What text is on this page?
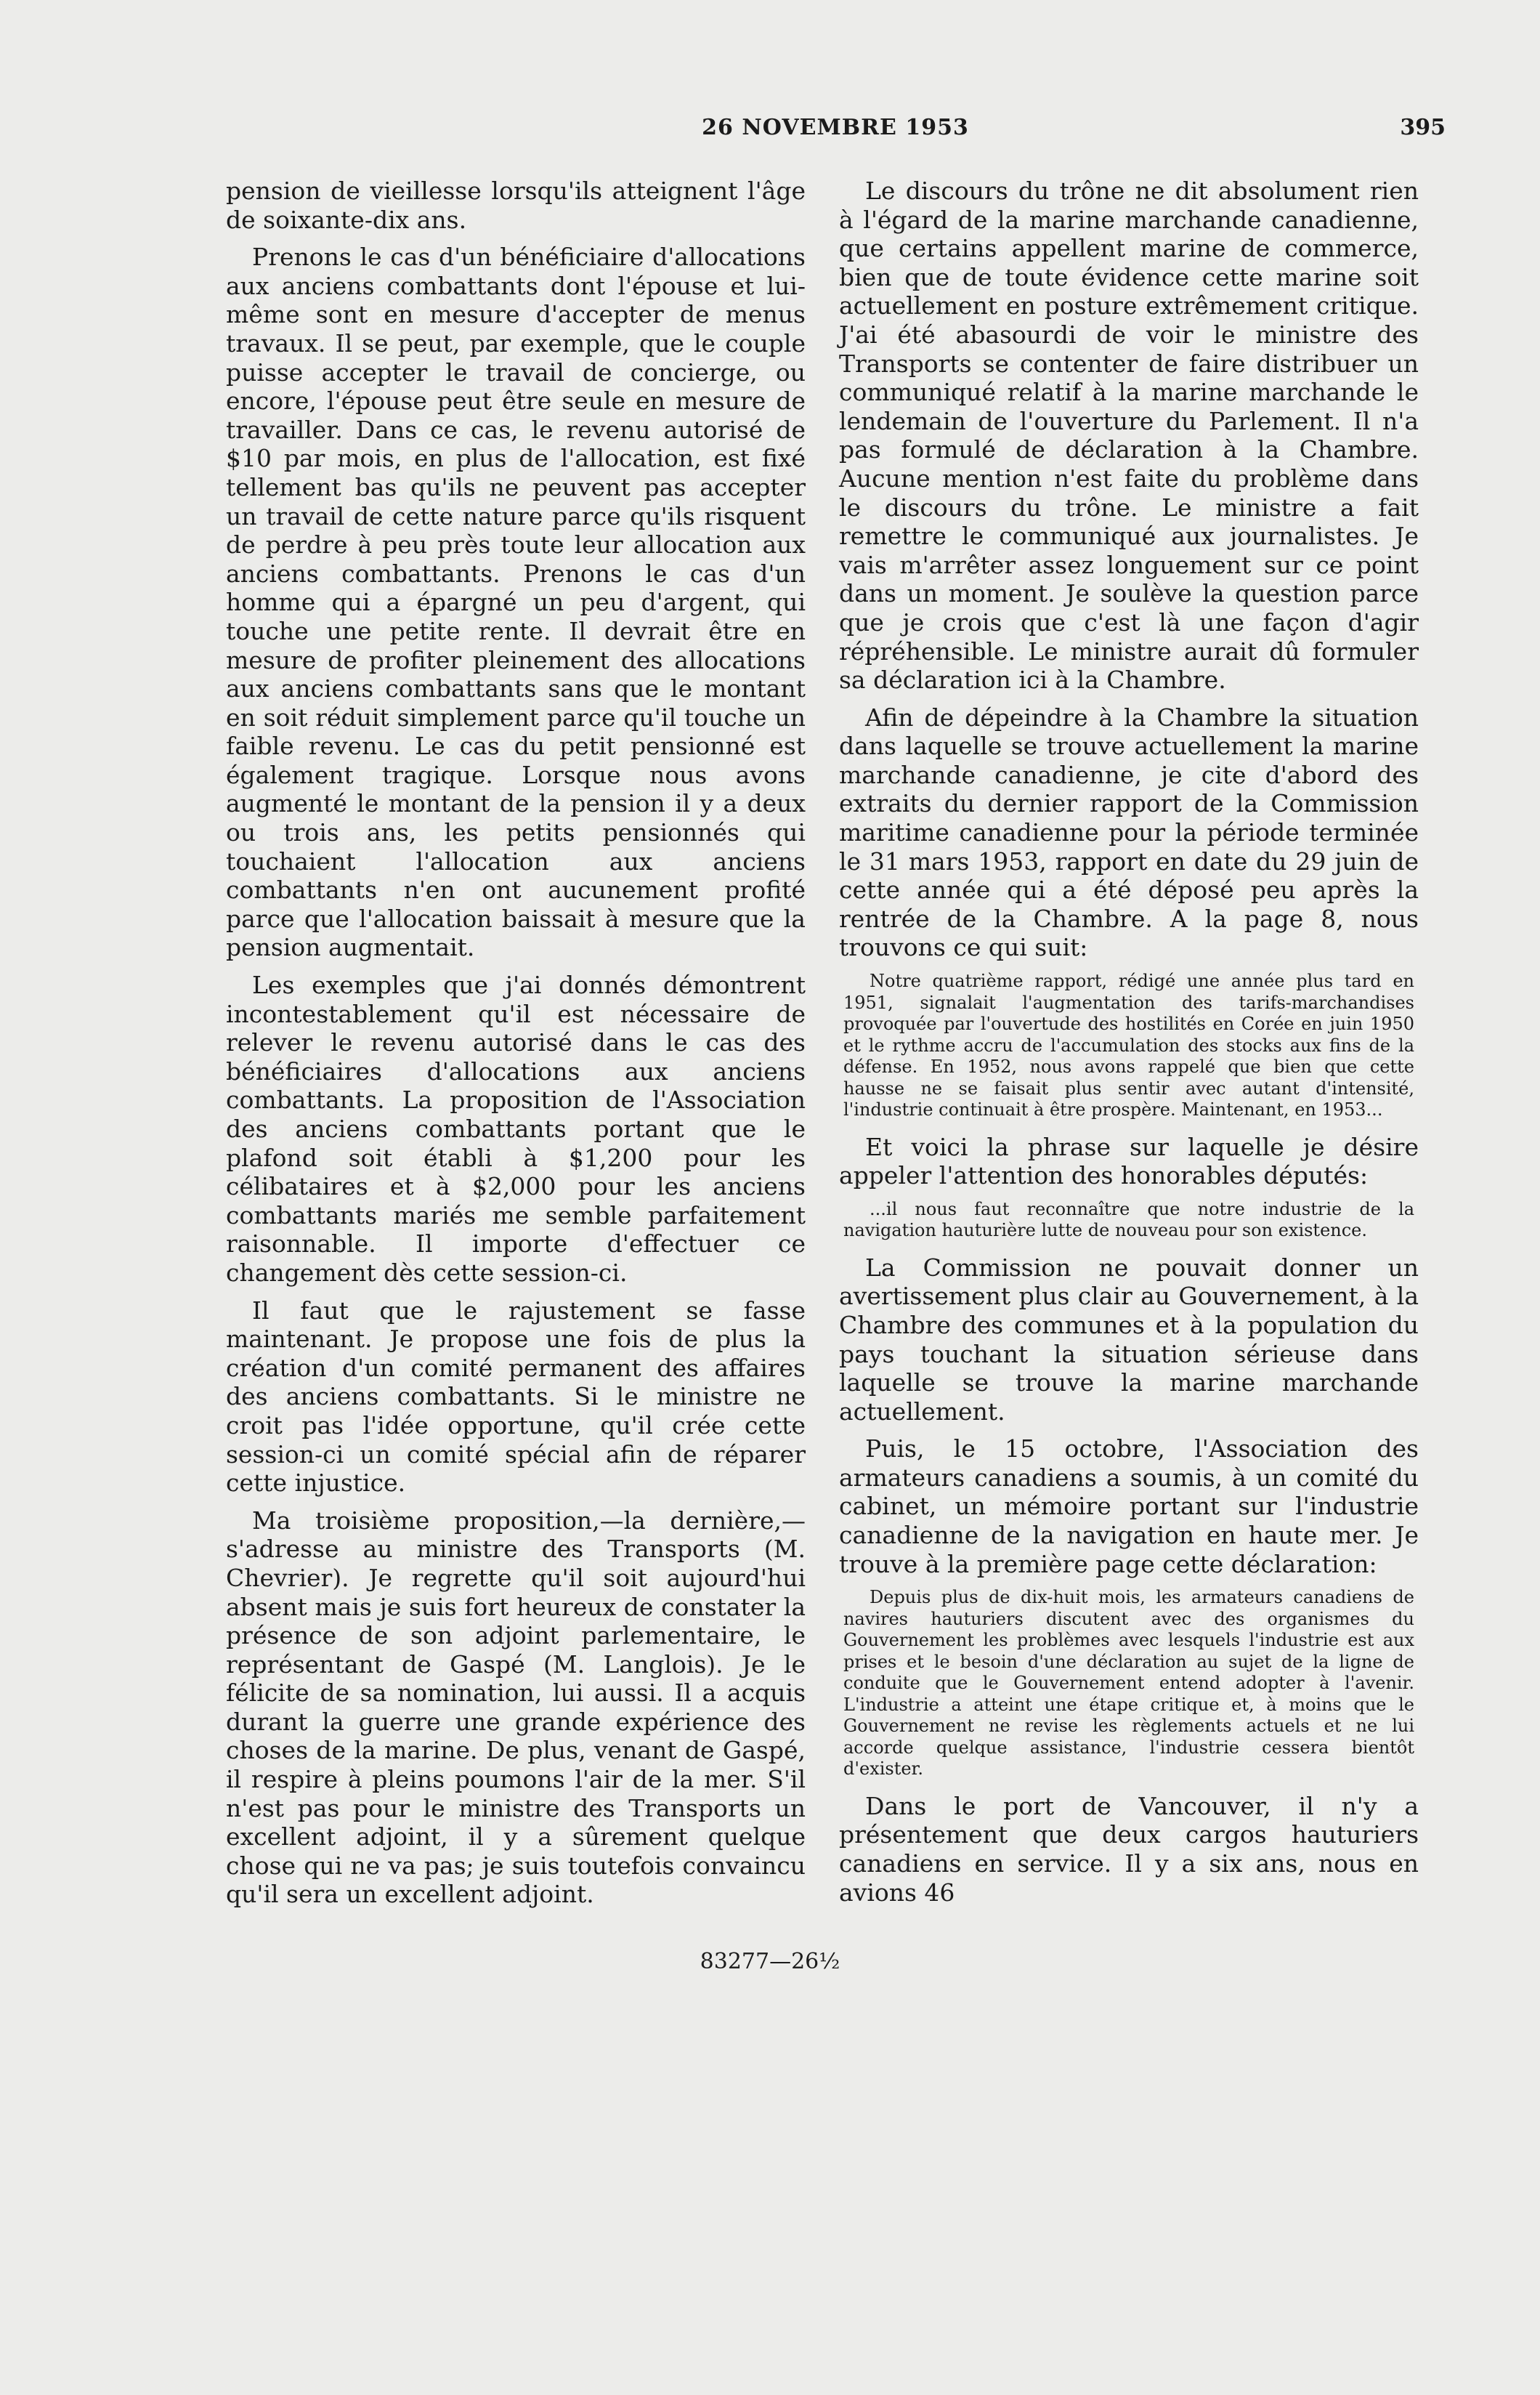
26 NOVEMBRE 1953	395

pension de vieillesse lorsqu'ils atteignent l'âge de soixante-dix ans.

Prenons le cas d'un bénéficiaire d'allocations aux anciens combattants dont l'épouse et lui-même sont en mesure d'accepter de menus travaux. Il se peut, par exemple, que le couple puisse accepter le travail de concierge, ou encore, l'épouse peut être seule en mesure de travailler. Dans ce cas, le revenu autorisé de $10 par mois, en plus de l'allocation, est fixé tellement bas qu'ils ne peuvent pas accepter un travail de cette nature parce qu'ils risquent de perdre à peu près toute leur allocation aux anciens combattants. Prenons le cas d'un homme qui a épargné un peu d'argent, qui touche une petite rente. Il devrait être en mesure de profiter pleinement des allocations aux anciens combattants sans que le montant en soit réduit simplement parce qu'il touche un faible revenu. Le cas du petit pensionné est également tragique. Lorsque nous avons augmenté le montant de la pension il y a deux ou trois ans, les petits pensionnés qui touchaient l'allocation aux anciens combattants n'en ont aucunement profité parce que l'allocation baissait à mesure que la pension augmentait.

Les exemples que j'ai donnés démontrent incontestablement qu'il est nécessaire de relever le revenu autorisé dans le cas des bénéficiaires d'allocations aux anciens combattants. La proposition de l'Association des anciens combattants portant que le plafond soit établi à $1,200 pour les célibataires et à $2,000 pour les anciens combattants mariés me semble parfaitement raisonnable. Il importe d'effectuer ce changement dès cette session-ci.

Il faut que le rajustement se fasse maintenant. Je propose une fois de plus la création d'un comité permanent des affaires des anciens combattants. Si le ministre ne croit pas l'idée opportune, qu'il crée cette session-ci un comité spécial afin de réparer cette injustice.

Ma troisième proposition,—la dernière,— s'adresse au ministre des Transports (M. Chevrier). Je regrette qu'il soit aujourd'hui absent mais je suis fort heureux de constater la présence de son adjoint parlementaire, le représentant de Gaspé (M. Langlois). Je le félicite de sa nomination, lui aussi. Il a acquis durant la guerre une grande expérience des choses de la marine. De plus, venant de Gaspé, il respire à pleins poumons l'air de la mer. S'il n'est pas pour le ministre des Transports un excellent adjoint, il y a sûrement quelque chose qui ne va pas; je suis toutefois convaincu qu'il sera un excellent adjoint.

Le discours du trône ne dit absolument rien à l'égard de la marine marchande canadienne, que certains appellent marine de commerce, bien que de toute évidence cette marine soit actuellement en posture extrêmement critique. J'ai été abasourdi de voir le ministre des Transports se contenter de faire distribuer un communiqué relatif à la marine marchande le lendemain de l'ouverture du Parlement. Il n'a pas formulé de déclaration à la Chambre. Aucune mention n'est faite du problème dans le discours du trône. Le ministre a fait remettre le communiqué aux journalistes. Je vais m'arrêter assez longuement sur ce point dans un moment. Je soulève la question parce que je crois que c'est là une façon d'agir répréhensible. Le ministre aurait dû formuler sa déclaration ici à la Chambre.

Afin de dépeindre à la Chambre la situation dans laquelle se trouve actuellement la marine marchande canadienne, je cite d'abord des extraits du dernier rapport de la Commission maritime canadienne pour la période terminée le 31 mars 1953, rapport en date du 29 juin de cette année qui a été déposé peu après la rentrée de la Chambre. A la page 8, nous trouvons ce qui suit:

Notre quatrième rapport, rédigé une année plus tard en 1951, signalait l'augmentation des tarifs-marchandises provoquée par l'ouvertude des hostilités en Corée en juin 1950 et le rythme accru de l'accumulation des stocks aux fins de la défense. En 1952, nous avons rappelé que bien que cette hausse ne se faisait plus sentir avec autant d'intensité, l'industrie continuait à être prospère. Maintenant, en 1953...

Et voici la phrase sur laquelle je désire appeler l'attention des honorables députés:

...il nous faut reconnaître que notre industrie de la navigation hauturière lutte de nouveau pour son existence.

La Commission ne pouvait donner un avertissement plus clair au Gouvernement, à la Chambre des communes et à la population du pays touchant la situation sérieuse dans laquelle se trouve la marine marchande actuellement.

Puis, le 15 octobre, l'Association des armateurs canadiens a soumis, à un comité du cabinet, un mémoire portant sur l'industrie canadienne de la navigation en haute mer. Je trouve à la première page cette déclaration:

Depuis plus de dix-huit mois, les armateurs canadiens de navires hauturiers discutent avec des organismes du Gouvernement les problèmes avec lesquels l'industrie est aux prises et le besoin d'une déclaration au sujet de la ligne de conduite que le Gouvernement entend adopter à l'avenir. L'industrie a atteint une étape critique et, à moins que le Gouvernement ne revise les règlements actuels et ne lui accorde quelque assistance, l'industrie cessera bientôt d'exister.

Dans le port de Vancouver, il n'y a présentement que deux cargos hauturiers canadiens en service. Il y a six ans, nous en avions 46

83277—26½
